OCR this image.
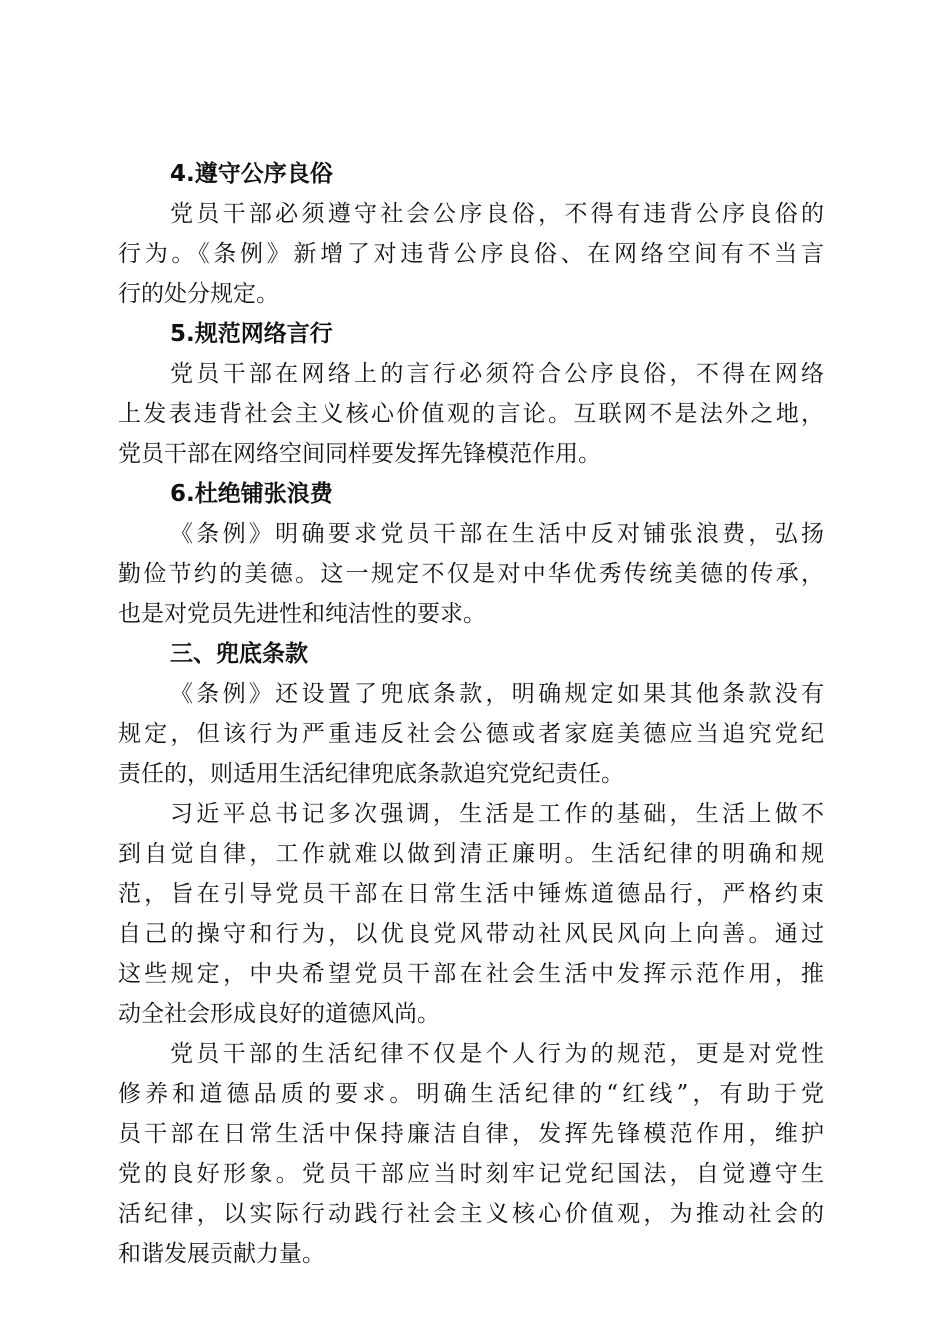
4.遵守公序良俗
党员干部必须遵守社会公序良俗，不得有违背公序良俗的
行为。《条例》新增了对违背公序良俗、在网络空间有不当言
行的处分规定。
5.规范网络言行
党员干部在网络上的言行必须符合公序良俗，不得在网络
上发表违背社会主义核心价值观的言论。互联网不是法外之地，
党员干部在网络空间同样要发挥先锋模范作用。
6.杜绝铺张浪费
《条例》明确要求党员干部在生活中反对铺张浪费，弘扬
勤俭节约的美德。这一规定不仅是对中华优秀传统美德的传承，
也是对党员先进性和纯洁性的要求。
三、兜底条款
《条例》还设置了兜底条款，明确规定如果其他条款没有
规定，但该行为严重违反社会公德或者家庭美德应当追究党纪
责任的，则适用生活纪律兜底条款追究党纪责任。
习近平总书记多次强调，生活是工作的基础，生活上做不
到自觉自律，工作就难以做到清正廉明。生活纪律的明确和规
范，旨在引导党员干部在日常生活中锤炼道德品行，严格约束
自己的操守和行为，以优良党风带动社风民风向上向善。通过
这些规定，中央希望党员干部在社会生活中发挥示范作用，推
动全社会形成良好的道德风尚。
党员干部的生活纪律不仅是个人行为的规范，更是对党性
修养和道德品质的要求。明确生活纪律的“红线”，有助于党
员干部在日常生活中保持廉洁自律，发挥先锋模范作用，维护
党的良好形象。党员干部应当时刻牢记党纪国法，自觉遵守生
活纪律，以实际行动践行社会主义核心价值观，为推动社会的
和谐发展贡献力量。
